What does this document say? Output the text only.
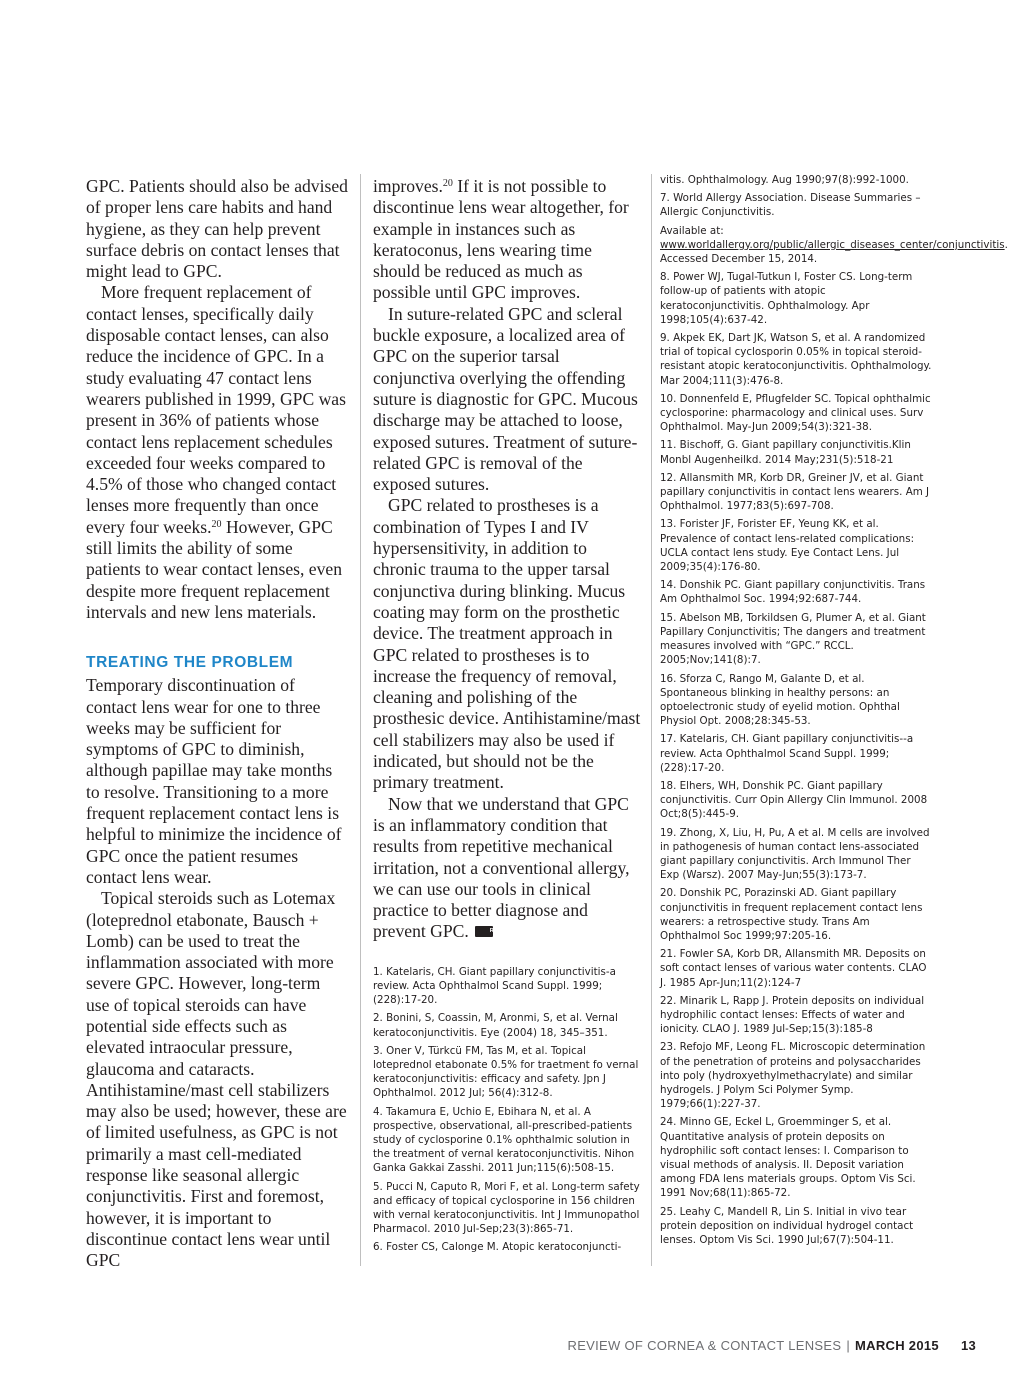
GPC. Patients should also be advised of proper lens care habits and hand hygiene, as they can help prevent surface debris on contact lenses that might lead to GPC.

More frequent replacement of contact lenses, specifically daily disposable contact lenses, can also reduce the incidence of GPC. In a study evaluating 47 contact lens wearers published in 1999, GPC was present in 36% of patients whose contact lens replacement schedules exceeded four weeks compared to 4.5% of those who changed contact lenses more frequently than once every four weeks.$^{20}$ However, GPC still limits the ability of some patients to wear contact lenses, even despite more frequent replacement intervals and new lens materials.

TREATING THE PROBLEM

Temporary discontinuation of contact lens wear for one to three weeks may be sufficient for symptoms of GPC to diminish, although papillae may take months to resolve. Transitioning to a more frequent replacement contact lens is helpful to minimize the incidence of GPC once the patient resumes contact lens wear.

Topical steroids such as Lotemax (loteprednol etabonate, Bausch + Lomb) can be used to treat the inflammation associated with more severe GPC. However, long-term use of topical steroids can have potential side effects such as elevated intraocular pressure, glaucoma and cataracts. Antihistamine/mast cell stabilizers may also be used; however, these are of limited usefulness, as GPC is not primarily a mast cell-mediated response like seasonal allergic conjunctivitis. First and foremost, however, it is important to discontinue contact lens wear until GPC

improves.$^{20}$ If it is not possible to discontinue lens wear altogether, for example in instances such as keratoconus, lens wearing time should be reduced as much as possible until GPC improves.

In suture-related GPC and scleral buckle exposure, a localized area of GPC on the superior tarsal conjunctiva overlying the offending suture is diagnostic for GPC. Mucous discharge may be attached to loose, exposed sutures. Treatment of suture-related GPC is removal of the exposed sutures.

GPC related to prostheses is a combination of Types I and IV hypersensitivity, in addition to chronic trauma to the upper tarsal conjunctiva during blinking. Mucus coating may form on the prosthetic device. The treatment approach in GPC related to prostheses is to increase the frequency of removal, cleaning and polishing of the prosthesic device. Antihistamine/mast cell stabilizers may also be used if indicated, but should not be the primary treatment.

Now that we understand that GPC is an inflammatory condition that results from repetitive mechanical irritation, not a conventional allergy, we can use our tools in clinical practice to better diagnose and prevent GPC.	RCCL

1. Katelaris, CH. Giant papillary conjunctivitis-a review. Acta Ophthalmol Scand Suppl. 1999;(228):17-20.
2. Bonini, S, Coassin, M, Aronmi, S, et al. Vernal keratoconjunctivitis. Eye (2004) 18, 345–351.
3. Oner V, Türkcü FM, Tas M, et al. Topical loteprednol etabonate 0.5% for traetment fo vernal keratoconjunctivitis: efficacy and safety. Jpn J Ophthalmol. 2012 Jul; 56(4):312-8.
4. Takamura E, Uchio E, Ebihara N, et al. A prospective, observational, all-prescribed-patients study of cyclosporine 0.1% ophthalmic solution in the treatment of vernal keratoconjunctivitis. Nihon Ganka Gakkai Zasshi. 2011 Jun;115(6):508-15.
5. Pucci N, Caputo R, Mori F, et al. Long-term safety and efficacy of topical cyclosporine in 156 children with vernal keratoconjunctivitis. Int J Immunopathol Pharmacol. 2010 Jul-Sep;23(3):865-71.
6. Foster CS, Calonge M. Atopic keratoconjuncti-
vitis. Ophthalmology. Aug 1990;97(8):992-1000.
7. World Allergy Association. Disease Summaries – Allergic Conjunctivitis.
Available at: www.worldallergy.org/public/allergic_diseases_center/conjunctivitis. Accessed December 15, 2014.
8. Power WJ, Tugal-Tutkun I, Foster CS. Long-term follow-up of patients with atopic keratoconjunctivitis. Ophthalmology. Apr 1998;105(4):637-42.
9. Akpek EK, Dart JK, Watson S, et al. A randomized trial of topical cyclosporin 0.05% in topical steroid-resistant atopic keratoconjunctivitis. Ophthalmology. Mar 2004;111(3):476-8.
10. Donnenfeld E, Pflugfelder SC. Topical ophthalmic cyclosporine: pharmacology and clinical uses. Surv Ophthalmol. May-Jun 2009;54(3):321-38.
11. Bischoff, G. Giant papillary conjunctivitis.Klin Monbl Augenheilkd. 2014 May;231(5):518-21
12. Allansmith MR, Korb DR, Greiner JV, et al. Giant papillary conjunctivitis in contact lens wearers. Am J Ophthalmol. 1977;83(5):697-708.
13. Forister JF, Forister EF, Yeung KK, et al. Prevalence of contact lens-related complications: UCLA contact lens study. Eye Contact Lens. Jul 2009;35(4):176-80.
14. Donshik PC. Giant papillary conjunctivitis. Trans Am Ophthalmol Soc. 1994;92:687-744.
15. Abelson MB, Torkildsen G, Plumer A, et al. Giant Papillary Conjunctivitis; The dangers and treatment measures involved with “GPC.” RCCL. 2005;Nov;141(8):7.
16. Sforza C, Rango M, Galante D, et al. Spontaneous blinking in healthy persons: an optoelectronic study of eyelid motion. Ophthal Physiol Opt. 2008;28:345-53.
17. Katelaris, CH. Giant papillary conjunctivitis--a review. Acta Ophthalmol Scand Suppl. 1999;(228):17-20.
18. Elhers, WH, Donshik PC. Giant papillary conjunctivitis. Curr Opin Allergy Clin Immunol. 2008 Oct;8(5):445-9.
19. Zhong, X, Liu, H, Pu, A et al. M cells are involved in pathogenesis of human contact lens-associated giant papillary conjunctivitis. Arch Immunol Ther Exp (Warsz). 2007 May-Jun;55(3):173-7.
20. Donshik PC, Porazinski AD. Giant papillary conjunctivitis in frequent replacement contact lens wearers: a retrospective study. Trans Am Ophthalmol Soc 1999;97:205-16.
21. Fowler SA, Korb DR, Allansmith MR. Deposits on soft contact lenses of various water contents. CLAO J. 1985 Apr-Jun;11(2):124-7
22. Minarik L, Rapp J. Protein deposits on individual hydrophilic contact lenses: Effects of water and ionicity. CLAO J. 1989 Jul-Sep;15(3):185-8
23. Refojo MF, Leong FL. Microscopic determination of the penetration of proteins and polysaccharides into poly (hydroxyethylmethacrylate) and similar hydrogels. J Polym Sci Polymer Symp. 1979;66(1):227-37.
24. Minno GE, Eckel L, Groemminger S, et al. Quantitative analysis of protein deposits on hydrophilic soft contact lenses: I. Comparison to visual methods of analysis. II. Deposit variation among FDA lens materials groups. Optom Vis Sci. 1991 Nov;68(11):865-72.
25. Leahy C, Mandell R, Lin S. Initial in vivo tear protein deposition on individual hydrogel contact lenses. Optom Vis Sci. 1990 Jul;67(7):504-11.
REVIEW OF CORNEA & CONTACT LENSES | MARCH 2015 13
